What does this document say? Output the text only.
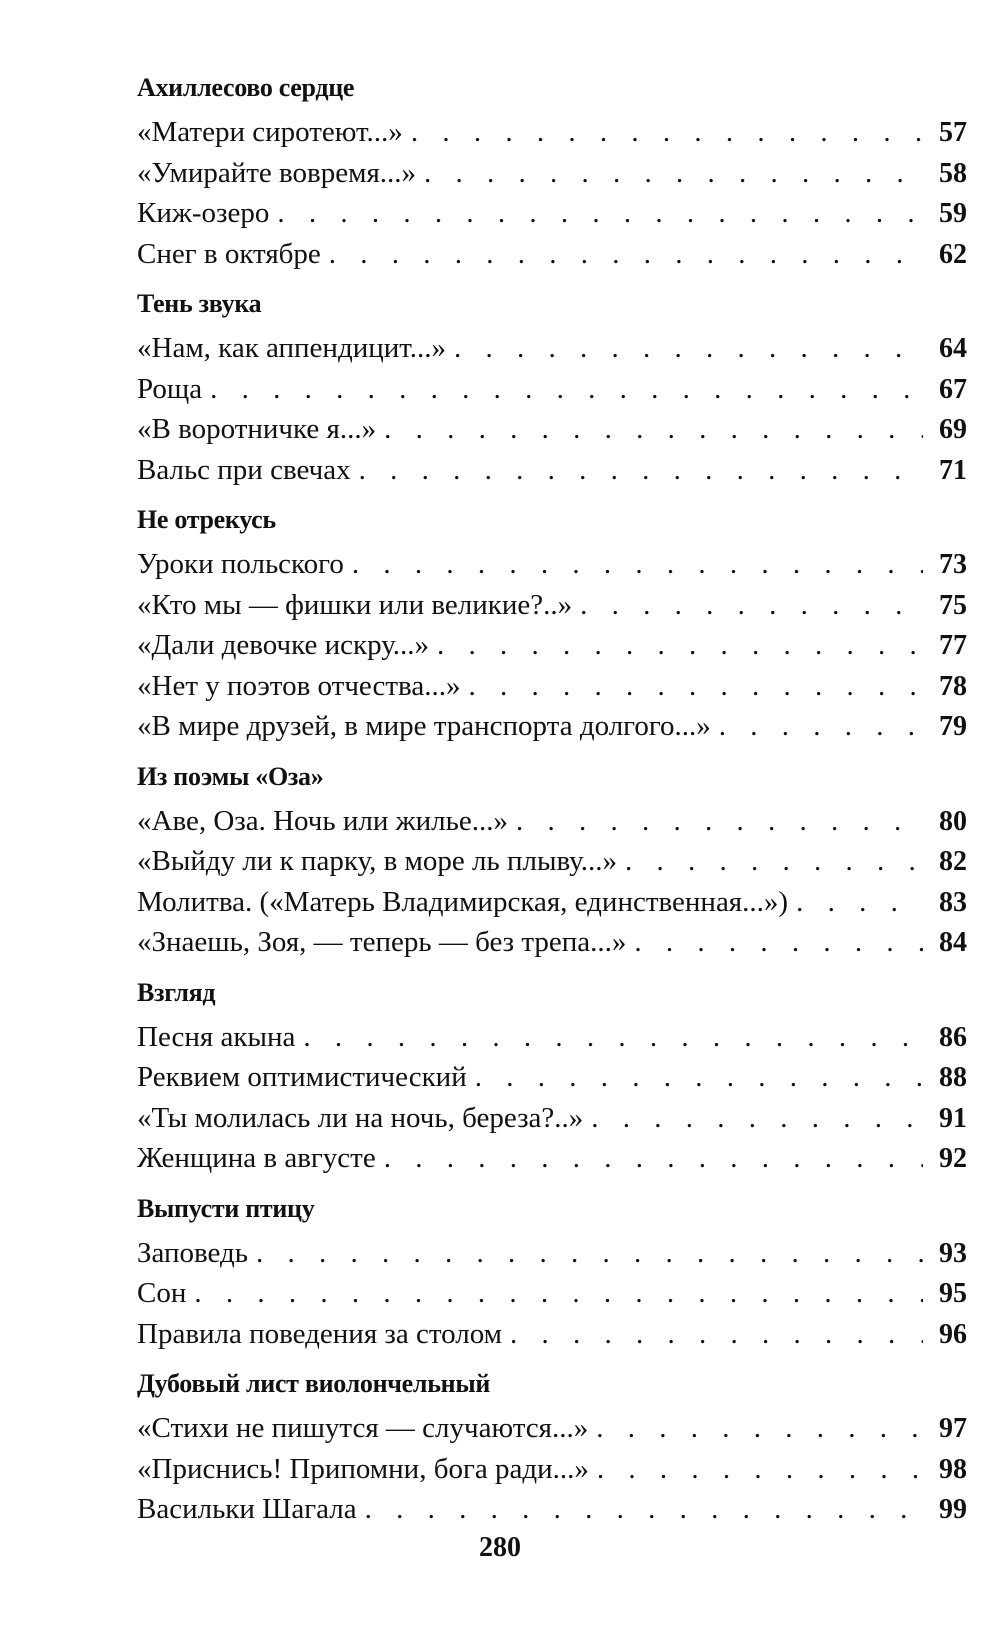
Ахиллесово сердце
«Матери сиротеют...» . . .	57
«Умирайте вовремя...» . . .	58
Киж-озеро . . .	59
Снег в октябре . . .	62
Тень звука
«Нам, как аппендицит...» . . .	64
Роща . . .	67
«В воротничке я...» . . .	69
Вальс при свечах . . .	71
Не отрекусь
Уроки польского . . .	73
«Кто мы — фишки или великие?..» . . .	75
«Дали девочке искру...» . . .	77
«Нет у поэтов отчества...» . . .	78
«В мире друзей, в мире транспорта долгого...» . . .	79
Из поэмы «Оза»
«Аве, Оза. Ночь или жилье...» . . .	80
«Выйду ли к парку, в море ль плыву...» . . .	82
Молитва. («Матерь Владимирская, единственная...») . . .	83
«Знаешь, Зоя, — теперь — без трепа...» . . .	84
Взгляд
Песня акына . . .	86
Реквием оптимистический . . .	88
«Ты молилась ли на ночь, береза?..» . . .	91
Женщина в августе . . .	92
Выпусти птицу
Заповедь . . .	93
Сон . . .	95
Правила поведения за столом . . .	96
Дубовый лист виолончельный
«Стихи не пишутся — случаются...» . . .	97
«Приснись! Припомни, бога ради...» . . .	98
Васильки Шагала . . .	99
280
